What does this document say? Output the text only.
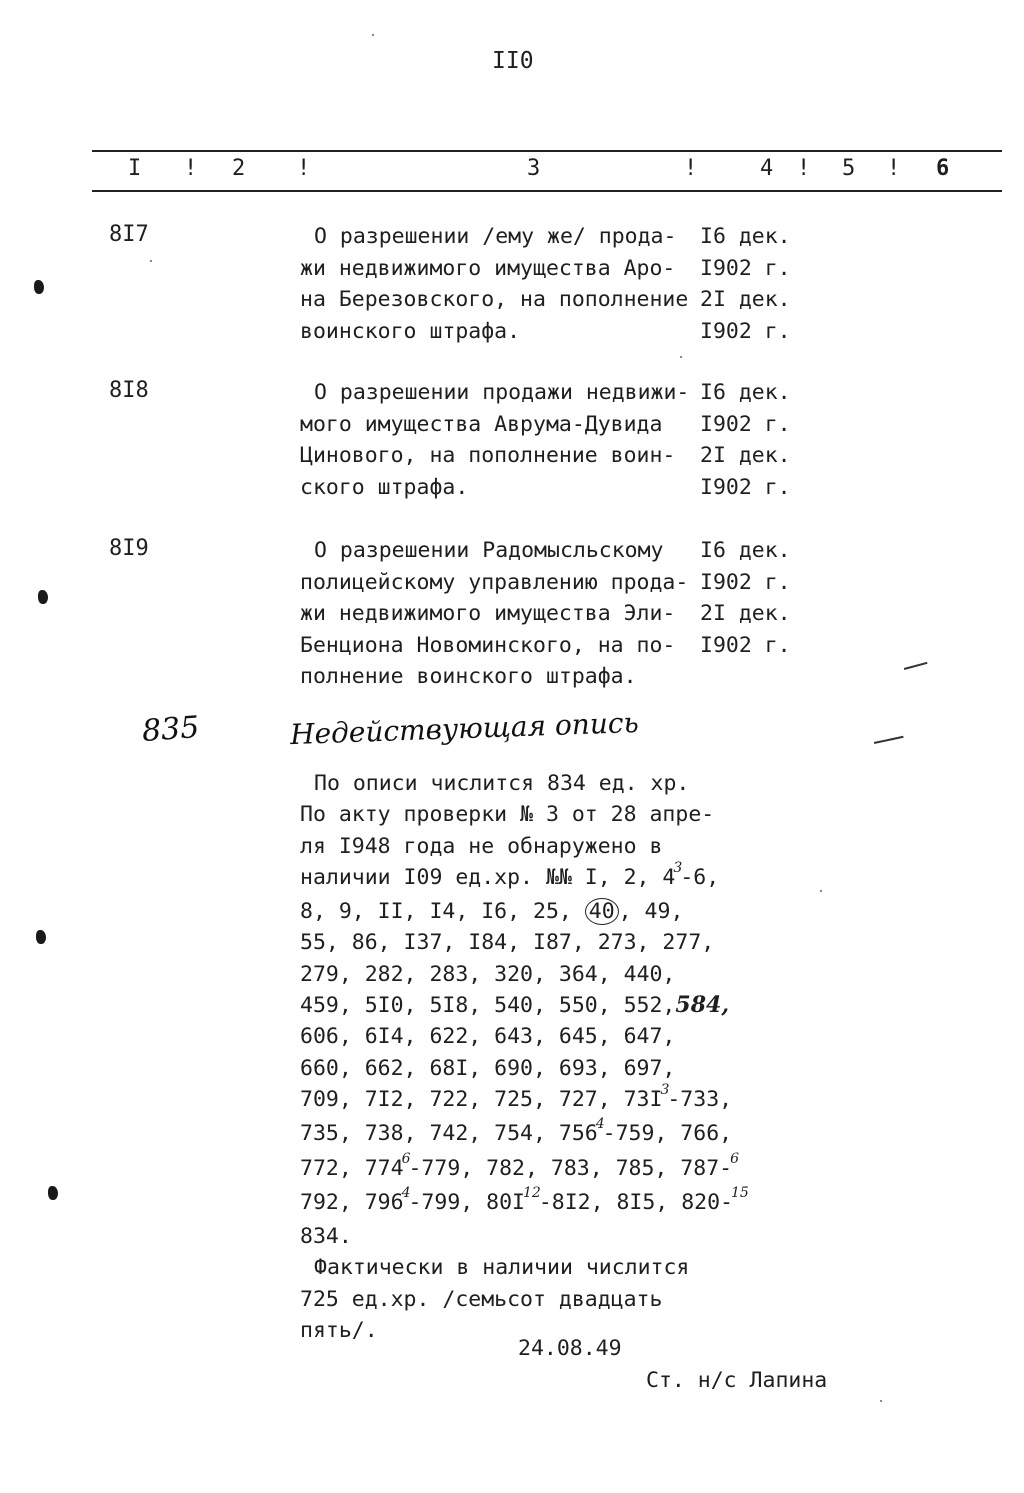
II0
I ! 2 !	3	!	4 ! 5 ! 6
8I7	О разрешении /ему же/ прода-
жи недвижимого имущества Аро-
на Березовского, на пополнение
воинского штрафа.
I6 дек.
I902 г.
2I дек.
I902 г.
8I8	О разрешении продажи недвижи-
мого имущества Аврума-Дувида
Цинового, на пополнение воин-
ского штрафа.
I6 дек.
I902 г.
2I дек.
I902 г.
8I9	О разрешении Радомысльскому
полицейскому управлению прода-
жи недвижимого имущества Эли-
Бенциона Новоминского, на по-
полнение воинского штрафа.
I6 дек.
I902 г.
2I дек.
I902 г.
835	Недействующая опись
По описи числится 834 ед. хр.
По акту проверки № 3 от 28 апре-
ля I948 года не обнаружено в
наличии I09 ед.хр. №№ I, 2, $4^3-6$,
8, 9, II, I4, I6, 25, 40 , 49,
55, 86, I37, I84, I87, 273, 277,
279, 282, 283, 320, 364, 440,
459, 5I0, 5I8, 540, 550, 552,584,
606, 6I4, 622, 643, 645, 647,
660, 662, 68I, 690, 693, 697,
709, 7I2, 722, 725, 727, $73I^3-733$,
735, 738, 742, 754, $756^4-759$, 766,
772, $774^6-779$, 782, 783, 785, 787-$^6$
792, $796^4-799$, $80I^{12}-8I2$, 8I5, 820-$^{15}$
834.
Фактически в наличии числится
725 ед.хр. /семьсот двадцать
пять/.
24.08.49
Ст. н/с Лапина
